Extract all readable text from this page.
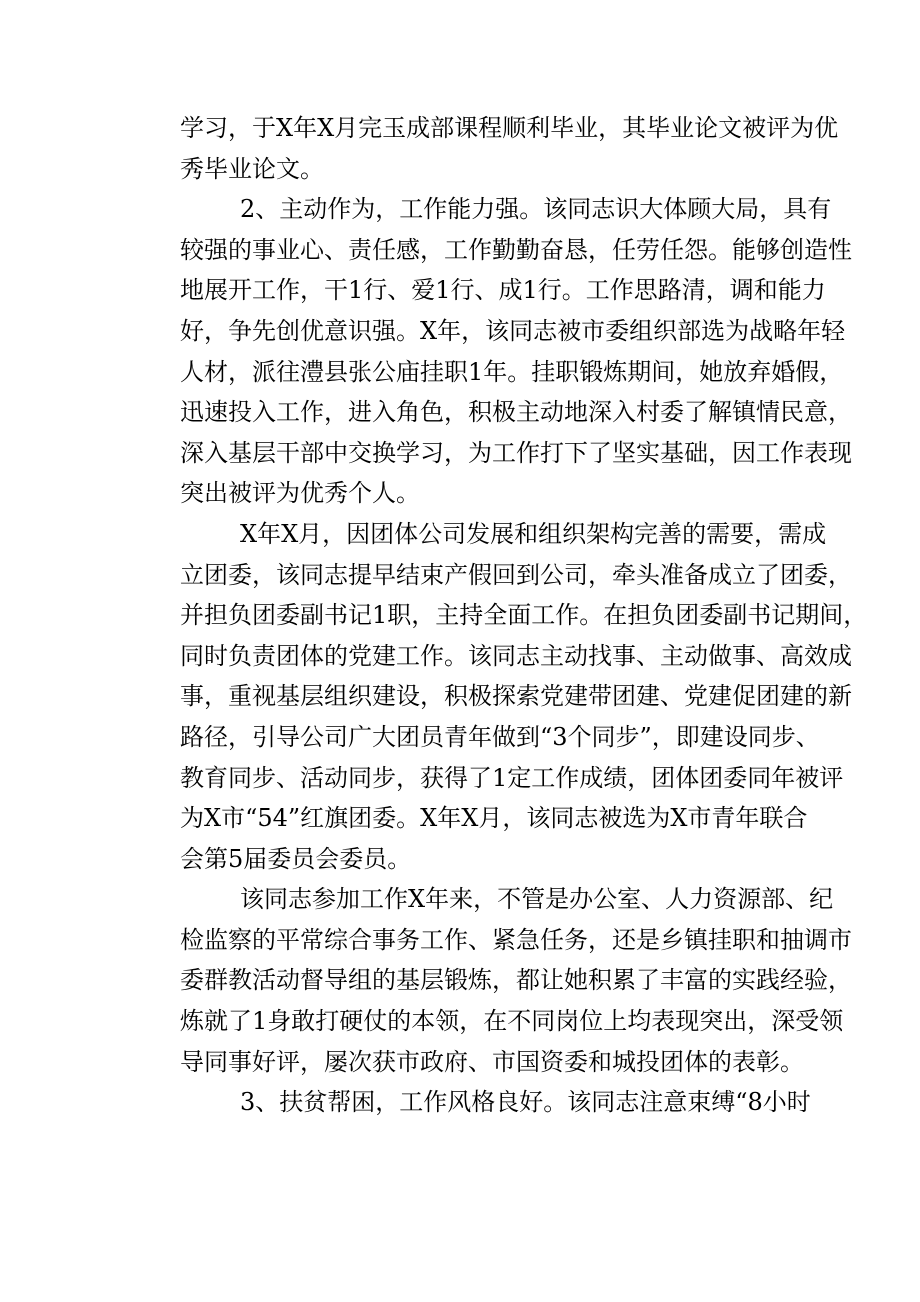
学习，于X年X月完玉成部课程顺利毕业，其毕业论文被评为优
秀毕业论文。
2、主动作为，工作能力强。该同志识大体顾大局，具有
较强的事业心、责任感，工作勤勤奋恳，任劳任怨。能够创造性
地展开工作，干1行、爱1行、成1行。工作思路清，调和能力
好，争先创优意识强。X年，该同志被市委组织部选为战略年轻
人材，派往澧县张公庙挂职1年。挂职锻炼期间，她放弃婚假，
迅速投入工作，进入角色，积极主动地深入村委了解镇情民意，
深入基层干部中交换学习，为工作打下了坚实基础，因工作表现
突出被评为优秀个人。
X年X月，因团体公司发展和组织架构完善的需要，需成
立团委，该同志提早结束产假回到公司，牵头准备成立了团委，
并担负团委副书记1职，主持全面工作。在担负团委副书记期间，
同时负责团体的党建工作。该同志主动找事、主动做事、高效成
事，重视基层组织建设，积极探索党建带团建、党建促团建的新
路径，引导公司广大团员青年做到“3个同步”，即建设同步、
教育同步、活动同步，获得了1定工作成绩，团体团委同年被评
为X市“54”红旗团委。X年X月，该同志被选为X市青年联合
会第5届委员会委员。
该同志参加工作X年来，不管是办公室、人力资源部、纪
检监察的平常综合事务工作、紧急任务，还是乡镇挂职和抽调市
委群教活动督导组的基层锻炼，都让她积累了丰富的实践经验，
炼就了1身敢打硬仗的本领，在不同岗位上均表现突出，深受领
导同事好评，屡次获市政府、市国资委和城投团体的表彰。
3、扶贫帮困，工作风格良好。该同志注意束缚“8小时
